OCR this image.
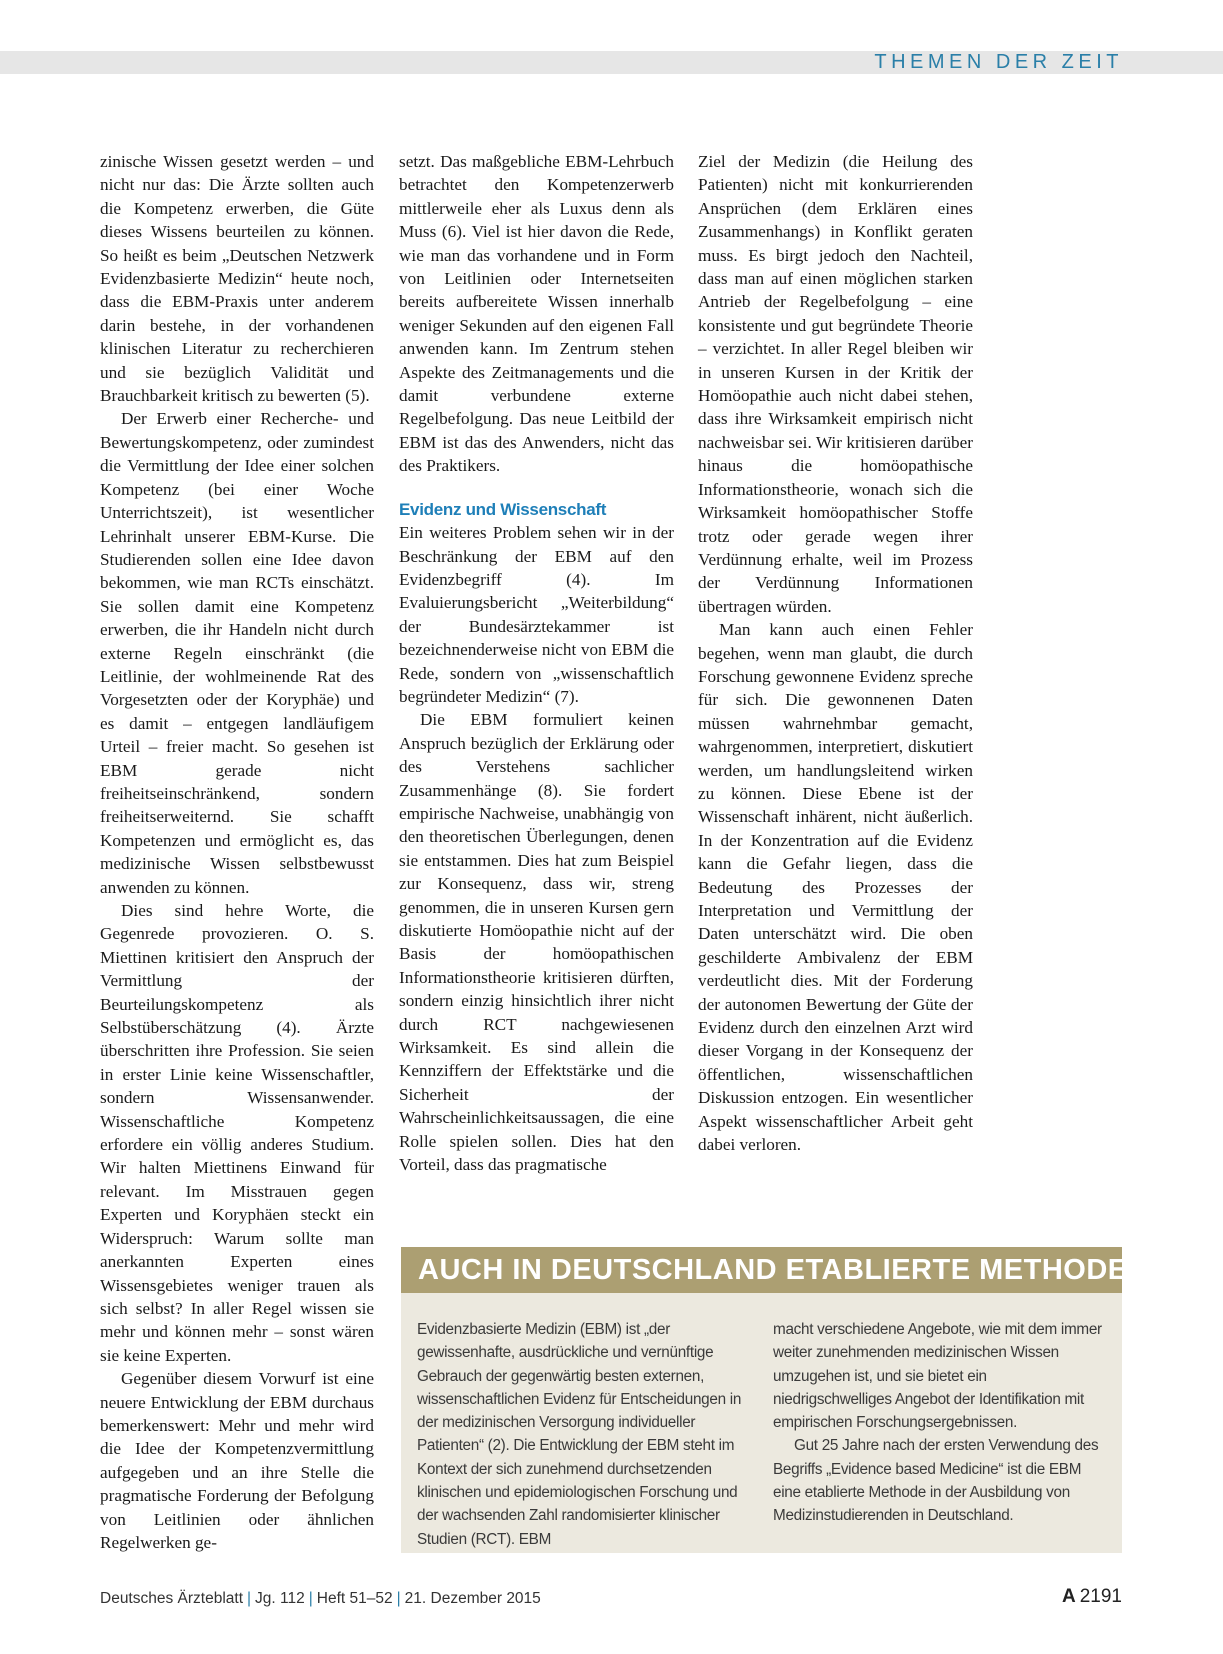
THEMEN DER ZEIT

zinische Wissen gesetzt werden – und nicht nur das: Die Ärzte sollten auch die Kompetenz erwerben, die Güte dieses Wissens beurteilen zu können. So heißt es beim „Deutschen Netzwerk Evidenzbasierte Medizin“ heute noch, dass die EBM-Praxis unter anderem darin bestehe, in der vorhandenen klinischen Literatur zu recherchieren und sie bezüglich Validität und Brauchbarkeit kritisch zu bewerten (5).

Der Erwerb einer Recherche- und Bewertungskompetenz, oder zumindest die Vermittlung der Idee einer solchen Kompetenz (bei einer Woche Unterrichtszeit), ist wesentlicher Lehrinhalt unserer EBM-Kurse. Die Studierenden sollen eine Idee davon bekommen, wie man RCTs einschätzt. Sie sollen damit eine Kompetenz erwerben, die ihr Handeln nicht durch externe Regeln einschränkt (die Leitlinie, der wohlmeinende Rat des Vorgesetzten oder der Koryphäe) und es damit – entgegen landläufigem Urteil – freier macht. So gesehen ist EBM gerade nicht freiheitseinschränkend, sondern freiheitserweiternd. Sie schafft Kompetenzen und ermöglicht es, das medizinische Wissen selbstbewusst anwenden zu können.

Dies sind hehre Worte, die Gegenrede provozieren. O. S. Miettinen kritisiert den Anspruch der Vermittlung der Beurteilungskompetenz als Selbstüberschätzung (4). Ärzte überschritten ihre Profession. Sie seien in erster Linie keine Wissenschaftler, sondern Wissensanwender. Wissenschaftliche Kompetenz erfordere ein völlig anderes Studium. Wir halten Miettinens Einwand für relevant. Im Misstrauen gegen Experten und Koryphäen steckt ein Widerspruch: Warum sollte man anerkannten Experten eines Wissensgebietes weniger trauen als sich selbst? In aller Regel wissen sie mehr und können mehr – sonst wären sie keine Experten.

Gegenüber diesem Vorwurf ist eine neuere Entwicklung der EBM durchaus bemerkenswert: Mehr und mehr wird die Idee der Kompetenzvermittlung aufgegeben und an ihre Stelle die pragmatische Forderung der Befolgung von Leitlinien oder ähnlichen Regelwerken ge-

setzt. Das maßgebliche EBM-Lehrbuch betrachtet den Kompetenzerwerb mittlerweile eher als Luxus denn als Muss (6). Viel ist hier davon die Rede, wie man das vorhandene und in Form von Leitlinien oder Internetseiten bereits aufbereitete Wissen innerhalb weniger Sekunden auf den eigenen Fall anwenden kann. Im Zentrum stehen Aspekte des Zeitmanagements und die damit verbundene externe Regelbefolgung. Das neue Leitbild der EBM ist das des Anwenders, nicht das des Praktikers.

Evidenz und Wissenschaft

Ein weiteres Problem sehen wir in der Beschränkung der EBM auf den Evidenzbegriff (4). Im Evaluierungsbericht „Weiterbildung“ der Bundesärztekammer ist bezeichnenderweise nicht von EBM die Rede, sondern von „wissenschaftlich begründeter Medizin“ (7).

Die EBM formuliert keinen Anspruch bezüglich der Erklärung oder des Verstehens sachlicher Zusammenhänge (8). Sie fordert empirische Nachweise, unabhängig von den theoretischen Überlegungen, denen sie entstammen. Dies hat zum Beispiel zur Konsequenz, dass wir, streng genommen, die in unseren Kursen gern diskutierte Homöopathie nicht auf der Basis der homöopathischen Informationstheorie kritisieren dürften, sondern einzig hinsichtlich ihrer nicht durch RCT nachgewiesenen Wirksamkeit. Es sind allein die Kennziffern der Effektstärke und die Sicherheit der Wahrscheinlichkeitsaussagen, die eine Rolle spielen sollen. Dies hat den Vorteil, dass das pragmatische

Ziel der Medizin (die Heilung des Patienten) nicht mit konkurrierenden Ansprüchen (dem Erklären eines Zusammenhangs) in Konflikt geraten muss. Es birgt jedoch den Nachteil, dass man auf einen möglichen starken Antrieb der Regelbefolgung – eine konsistente und gut begründete Theorie – verzichtet. In aller Regel bleiben wir in unseren Kursen in der Kritik der Homöopathie auch nicht dabei stehen, dass ihre Wirksamkeit empirisch nicht nachweisbar sei. Wir kritisieren darüber hinaus die homöopathische Informationstheorie, wonach sich die Wirksamkeit homöopathischer Stoffe trotz oder gerade wegen ihrer Verdünnung erhalte, weil im Prozess der Verdünnung Informationen übertragen würden.

Man kann auch einen Fehler begehen, wenn man glaubt, die durch Forschung gewonnene Evidenz spreche für sich. Die gewonnenen Daten müssen wahrnehmbar gemacht, wahrgenommen, interpretiert, diskutiert werden, um handlungsleitend wirken zu können. Diese Ebene ist der Wissenschaft inhärent, nicht äußerlich. In der Konzentration auf die Evidenz kann die Gefahr liegen, dass die Bedeutung des Prozesses der Interpretation und Vermittlung der Daten unterschätzt wird. Die oben geschilderte Ambivalenz der EBM verdeutlicht dies. Mit der Forderung der autonomen Bewertung der Güte der Evidenz durch den einzelnen Arzt wird dieser Vorgang in der Konsequenz der öffentlichen, wissenschaftlichen Diskussion entzogen. Ein wesentlicher Aspekt wissenschaftlicher Arbeit geht dabei verloren.

AUCH IN DEUTSCHLAND ETABLIERTE METHODE

Evidenzbasierte Medizin (EBM) ist „der gewissenhafte, ausdrückliche und vernünftige Gebrauch der gegenwärtig besten externen, wissenschaftlichen Evidenz für Entscheidungen in der medizinischen Versorgung individueller Patienten“ (2). Die Entwicklung der EBM steht im Kontext der sich zunehmend durchsetzenden klinischen und epidemiologischen Forschung und der wachsenden Zahl randomisierter klinischer Studien (RCT). EBM

macht verschiedene Angebote, wie mit dem immer weiter zunehmenden medizinischen Wissen umzugehen ist, und sie bietet ein niedrigschwelliges Angebot der Identifikation mit empirischen Forschungsergebnissen.

Gut 25 Jahre nach der ersten Verwendung des Begriffs „Evidence based Medicine“ ist die EBM eine etablierte Methode in der Ausbildung von Medizinstudierenden in Deutschland.

Deutsches Ärzteblatt | Jg. 112 | Heft 51–52 | 21. Dezember 2015	A 2191
